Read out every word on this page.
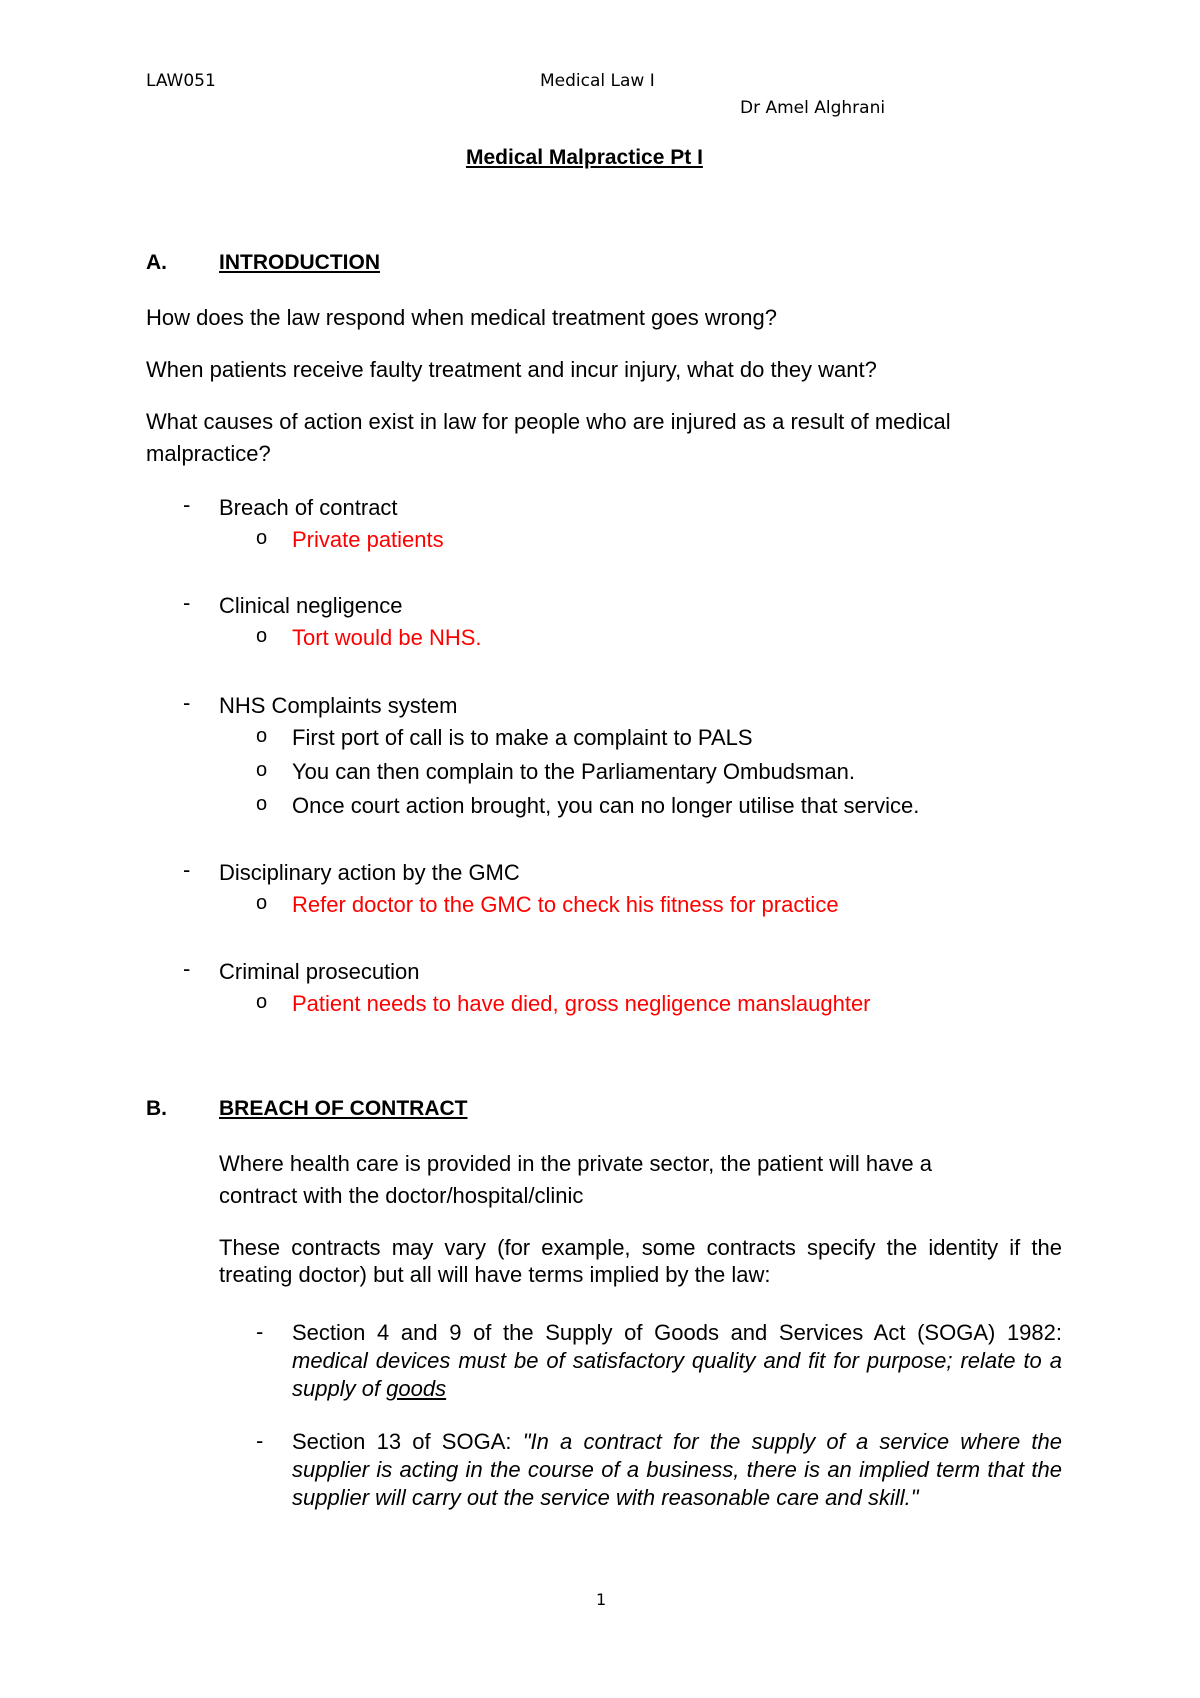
LAW051	Medical Law I
Dr Amel Alghrani
Medical Malpractice Pt I
A. INTRODUCTION
How does the law respond when medical treatment goes wrong?
When patients receive faulty treatment and incur injury, what do they want?
What causes of action exist in law for people who are injured as a result of medical
malpractice?
- Breach of contract
o Private patients
- Clinical negligence
o Tort would be NHS.
- NHS Complaints system
o First port of call is to make a complaint to PALS
o You can then complain to the Parliamentary Ombudsman.
o Once court action brought, you can no longer utilise that service.
- Disciplinary action by the GMC
o Refer doctor to the GMC to check his fitness for practice
- Criminal prosecution
o Patient needs to have died, gross negligence manslaughter
B. BREACH OF CONTRACT
Where health care is provided in the private sector, the patient will have a
contract with the doctor/hospital/clinic
These contracts may vary (for example, some contracts specify the identity if the treating doctor) but all will have terms implied by the law:
- Section 4 and 9 of the Supply of Goods and Services Act (SOGA) 1982: medical devices must be of satisfactory quality and fit for purpose; relate to a supply of goods
- Section 13 of SOGA: "In a contract for the supply of a service where the supplier is acting in the course of a business, there is an implied term that the supplier will carry out the service with reasonable care and skill."
1
